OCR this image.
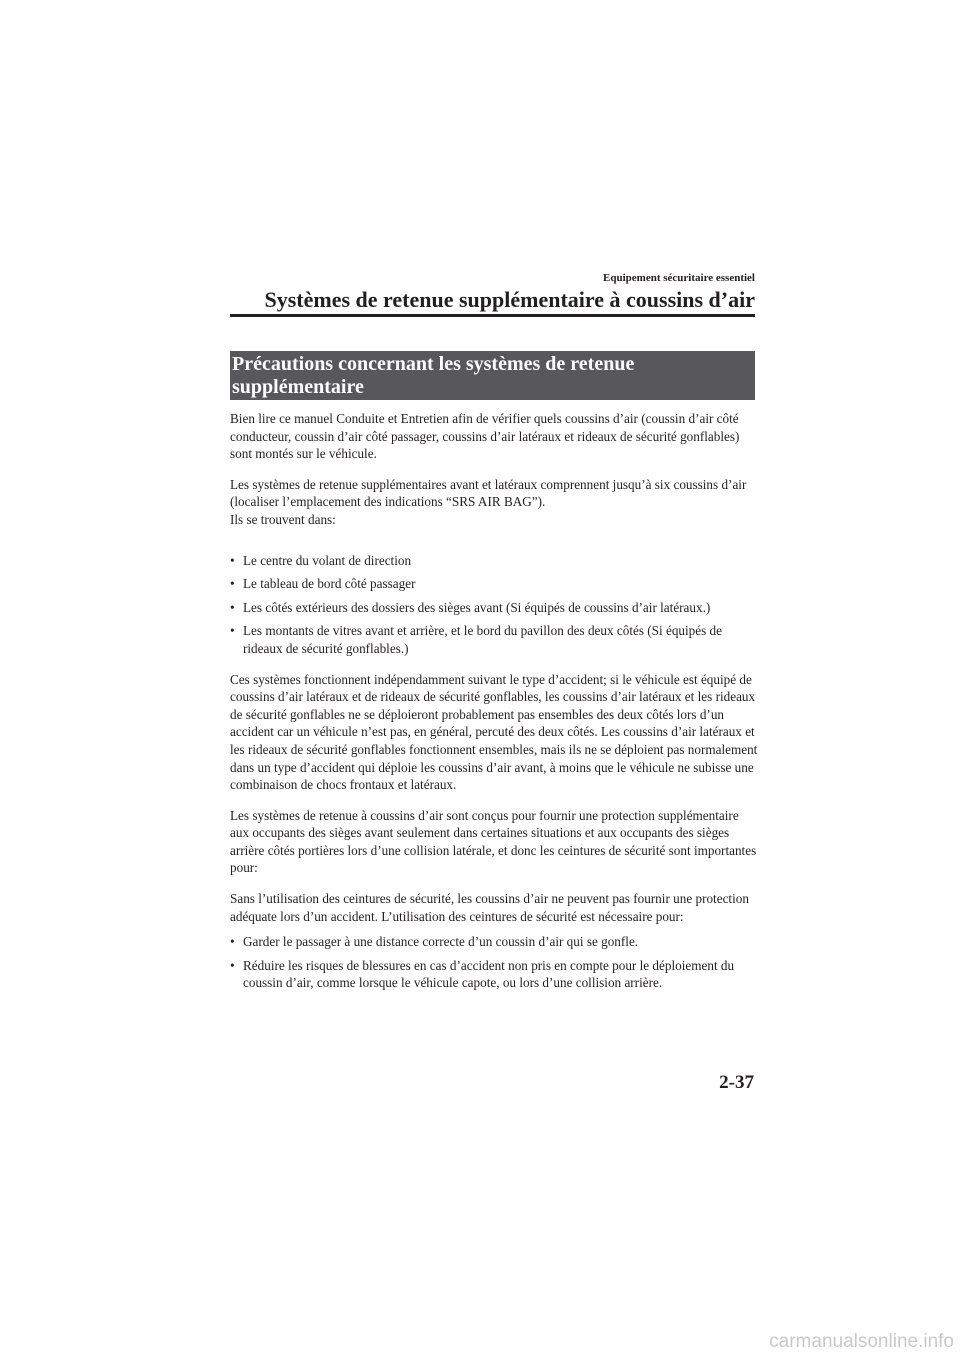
Equipement sécuritaire essentiel
Systèmes de retenue supplémentaire à coussins d’air

Précautions concernant les systèmes de retenue

supplémentaire

Bien lire ce manuel Conduite et Entretien afin de vérifier quels coussins d’air (coussin d’air côté conducteur, coussin d’air côté passager, coussins d’air latéraux et rideaux de sécurité gonflables) sont montés sur le véhicule.

Les systèmes de retenue supplémentaires avant et latéraux comprennent jusqu’à six coussins d’air (localiser l’emplacement des indications “SRS AIR BAG”).
Ils se trouvent dans:

• Le centre du volant de direction
• Le tableau de bord côté passager
• Les côtés extérieurs des dossiers des sièges avant (Si équipés de coussins d’air latéraux.)
• Les montants de vitres avant et arrière, et le bord du pavillon des deux côtés (Si équipés de rideaux de sécurité gonflables.)

Ces systèmes fonctionnent indépendamment suivant le type d’accident; si le véhicule est équipé de coussins d’air latéraux et de rideaux de sécurité gonflables, les coussins d’air latéraux et les rideaux de sécurité gonflables ne se déploieront probablement pas ensembles des deux côtés lors d’un accident car un véhicule n’est pas, en général, percuté des deux côtés. Les coussins d’air latéraux et les rideaux de sécurité gonflables fonctionnent ensembles, mais ils ne se déploient pas normalement dans un type d’accident qui déploie les coussins d’air avant, à moins que le véhicule ne subisse une combinaison de chocs frontaux et latéraux.

Les systèmes de retenue à coussins d’air sont conçus pour fournir une protection supplémentaire aux occupants des sièges avant seulement dans certaines situations et aux occupants des sièges arrière côtés portières lors d’une collision latérale, et donc les ceintures de sécurité sont importantes pour:

Sans l’utilisation des ceintures de sécurité, les coussins d’air ne peuvent pas fournir une protection adéquate lors d’un accident. L’utilisation des ceintures de sécurité est nécessaire pour:

• Garder le passager à une distance correcte d’un coussin d’air qui se gonfle.
• Réduire les risques de blessures en cas d’accident non pris en compte pour le déploiement du coussin d’air, comme lorsque le véhicule capote, ou lors d’une collision arrière.
2-37
carmanualsonline.info
